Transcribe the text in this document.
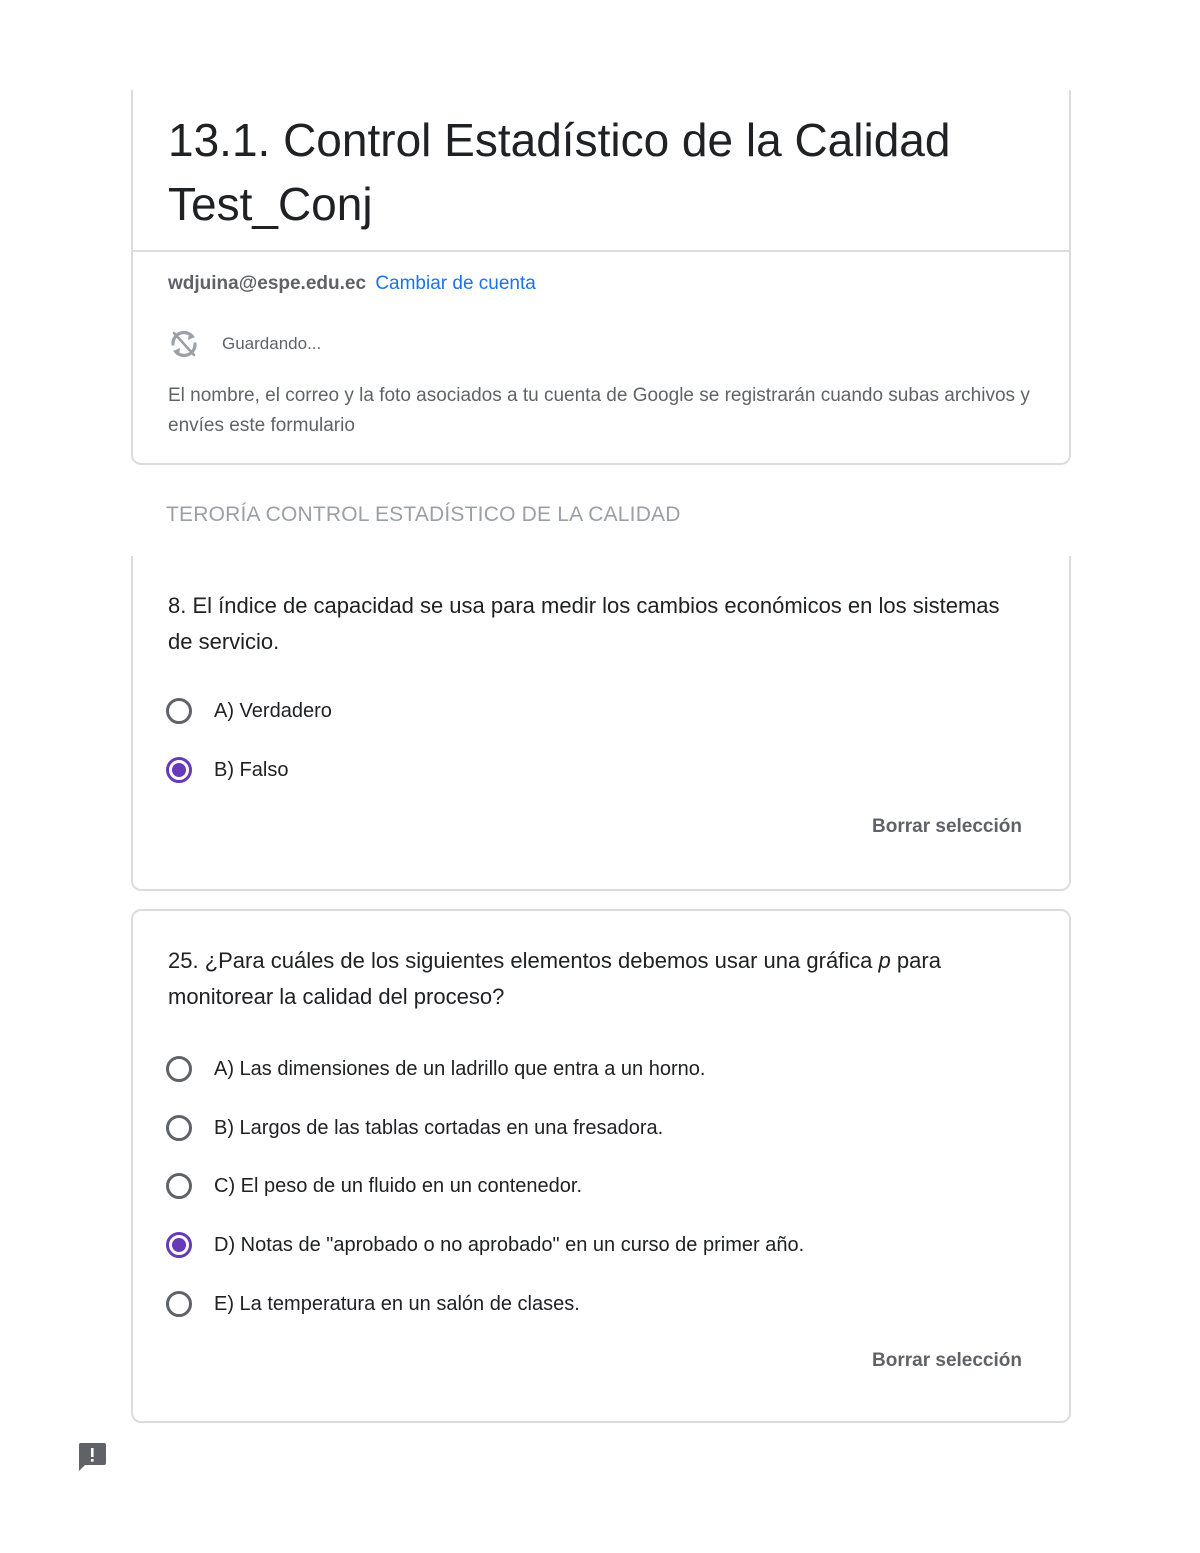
13.1. Control Estadístico de la Calidad Test_Conj
wdjuina@espe.edu.ec Cambiar de cuenta
Guardando...
El nombre, el correo y la foto asociados a tu cuenta de Google se registrarán cuando subas archivos y envíes este formulario
TERORÍA CONTROL ESTADÍSTICO DE LA CALIDAD
8. El índice de capacidad se usa para medir los cambios económicos en los sistemas de servicio.
A) Verdadero
B) Falso
Borrar selección
25. ¿Para cuáles de los siguientes elementos debemos usar una gráfica p para monitorear la calidad del proceso?
A) Las dimensiones de un ladrillo que entra a un horno.
B) Largos de las tablas cortadas en una fresadora.
C) El peso de un fluido en un contenedor.
D) Notas de "aprobado o no aprobado" en un curso de primer año.
E) La temperatura en un salón de clases.
Borrar selección
